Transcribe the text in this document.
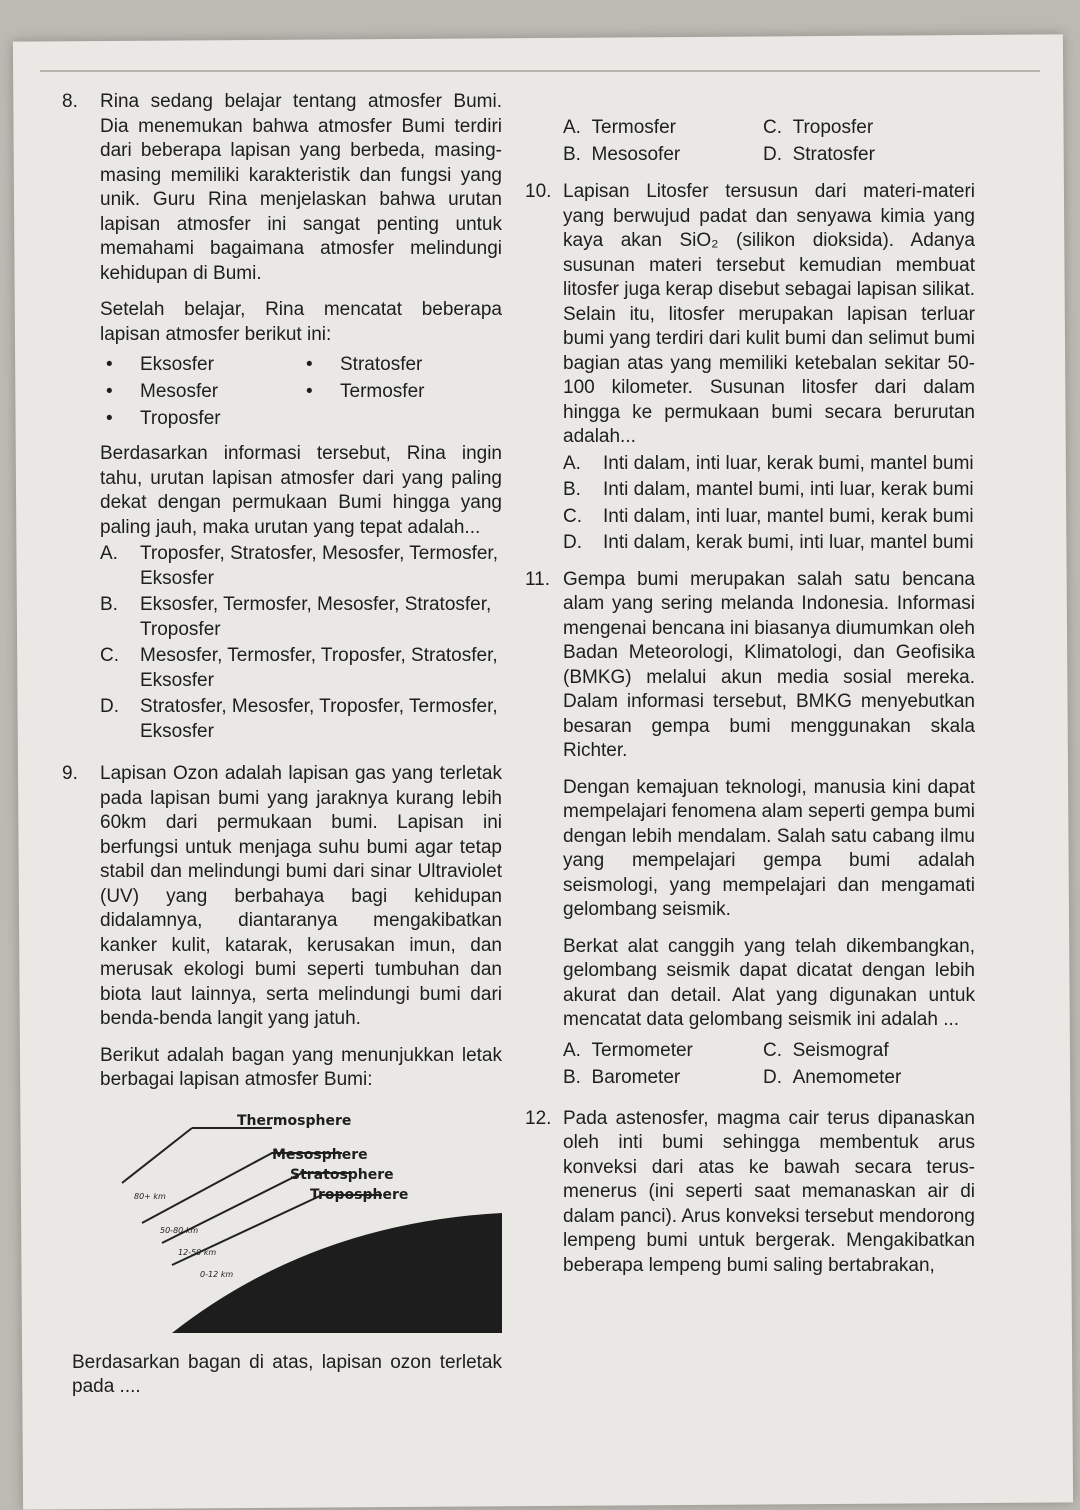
8.	Rina sedang belajar tentang atmosfer Bumi. Dia menemukan bahwa atmosfer Bumi terdiri dari beberapa lapisan yang berbeda, masing-masing memiliki karakteristik dan fungsi yang unik. Guru Rina menjelaskan bahwa urutan lapisan atmosfer ini sangat penting untuk memahami bagaimana atmosfer melindungi kehidupan di Bumi.

Setelah belajar, Rina mencatat beberapa lapisan atmosfer berikut ini:

• Eksosfer	• Stratosfer
• Mesosfer	• Termosfer
• Troposfer

Berdasarkan informasi tersebut, Rina ingin tahu, urutan lapisan atmosfer dari yang paling dekat dengan permukaan Bumi hingga yang paling jauh, maka urutan yang tepat adalah...

A.	Troposfer, Stratosfer, Mesosfer, Termosfer, Eksosfer
B.	Eksosfer, Termosfer, Mesosfer, Stratosfer, Troposfer
C.	Mesosfer, Termosfer, Troposfer, Stratosfer, Eksosfer
D.	Stratosfer, Mesosfer, Troposfer, Termosfer, Eksosfer
9.	Lapisan Ozon adalah lapisan gas yang terletak pada lapisan bumi yang jaraknya kurang lebih 60km dari permukaan bumi. Lapisan ini berfungsi untuk menjaga suhu bumi agar tetap stabil dan melindungi bumi dari sinar Ultraviolet (UV) yang berbahaya bagi kehidupan didalamnya, diantaranya mengakibatkan kanker kulit, katarak, kerusakan imun, dan merusak ekologi bumi seperti tumbuhan dan biota laut lainnya, serta melindungi bumi dari benda-benda langit yang jatuh.

Berikut adalah bagan yang menunjukkan letak berbagai lapisan atmosfer Bumi:

Thermosphere
Mesosphere
Stratosphere
Troposphere
80+ km
50-80 km
12-50 km
0-12 km

Berdasarkan bagan di atas, lapisan ozon terletak pada ....

A. Termosfer	C. Troposfer
B. Mesosofer	D. Stratosfer
10. Lapisan Litosfer tersusun dari materi-materi yang berwujud padat dan senyawa kimia yang kaya akan SiO₂ (silikon dioksida). Adanya susunan materi tersebut kemudian membuat litosfer juga kerap disebut sebagai lapisan silikat. Selain itu, litosfer merupakan lapisan terluar bumi yang terdiri dari kulit bumi dan selimut bumi bagian atas yang memiliki ketebalan sekitar 50-100 kilometer. Susunan litosfer dari dalam hingga ke permukaan bumi secara berurutan adalah...

A.	Inti dalam, inti luar, kerak bumi, mantel bumi
B.	Inti dalam, mantel bumi, inti luar, kerak bumi
C.	Inti dalam, inti luar, mantel bumi, kerak bumi
D.	Inti dalam, kerak bumi, inti luar, mantel bumi
11. Gempa bumi merupakan salah satu bencana alam yang sering melanda Indonesia. Informasi mengenai bencana ini biasanya diumumkan oleh Badan Meteorologi, Klimatologi, dan Geofisika (BMKG) melalui akun media sosial mereka. Dalam informasi tersebut, BMKG menyebutkan besaran gempa bumi menggunakan skala Richter.

Dengan kemajuan teknologi, manusia kini dapat mempelajari fenomena alam seperti gempa bumi dengan lebih mendalam. Salah satu cabang ilmu yang mempelajari gempa bumi adalah seismologi, yang mempelajari dan mengamati gelombang seismik.

Berkat alat canggih yang telah dikembangkan, gelombang seismik dapat dicatat dengan lebih akurat dan detail. Alat yang digunakan untuk mencatat data gelombang seismik ini adalah ...

A. Termometer	C. Seismograf
B. Barometer	D. Anemometer
12. Pada astenosfer, magma cair terus dipanaskan oleh inti bumi sehingga membentuk arus konveksi dari atas ke bawah secara terus-menerus (ini seperti saat memanaskan air di dalam panci). Arus konveksi tersebut mendorong lempeng bumi untuk bergerak. Mengakibatkan beberapa lempeng bumi saling bertabrakan,
